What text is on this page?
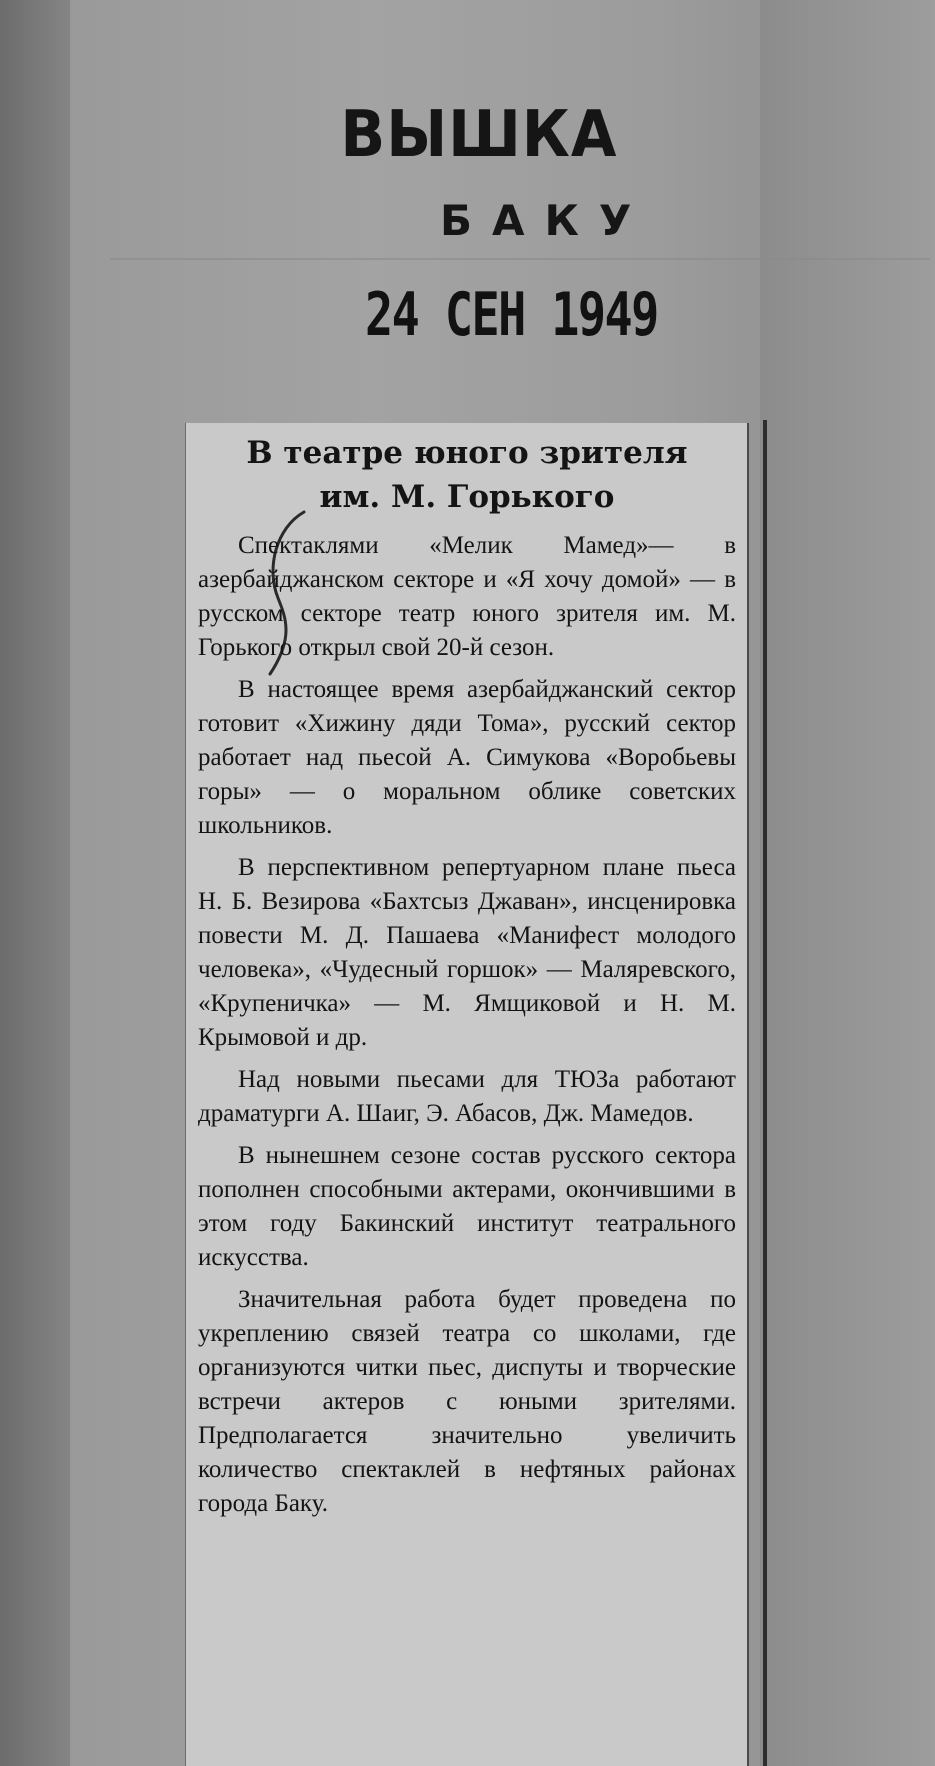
ВЫШКА
БАКУ
24 СЕН 1949
В театре юного зрителя
им. М. Горького

Спектаклями «Мелик Мамед»— в азербайджанском секторе и «Я хочу домой» — в русском секторе театр юного зрителя им. М. Горького открыл свой 20-й сезон.

В настоящее время азербайджанский сектор готовит «Хижину дяди Тома», русский сектор работает над пьесой А. Симукова «Воробьевы горы» — о моральном облике советских школьников.

В перспективном репертуарном плане пьеса Н. Б. Везирова «Бахтсыз Джаван», инсценировка повести М. Д. Пашаева «Манифест молодого человека», «Чудесный горшок» — Маляревского, «Крупеничка» — М. Ямщиковой и Н. М. Крымовой и др.

Над новыми пьесами для ТЮЗа работают драматурги А. Шаиг, Э. Абасов, Дж. Мамедов.

В нынешнем сезоне состав русского сектора пополнен способными актерами, окончившими в этом году Бакинский институт театрального искусства.

Значительная работа будет проведена по укреплению связей театра со школами, где организуются читки пьес, диспуты и творческие встречи актеров с юными зрителями. Предполагается значительно увеличить количество спектаклей в нефтяных районах города Баку.
